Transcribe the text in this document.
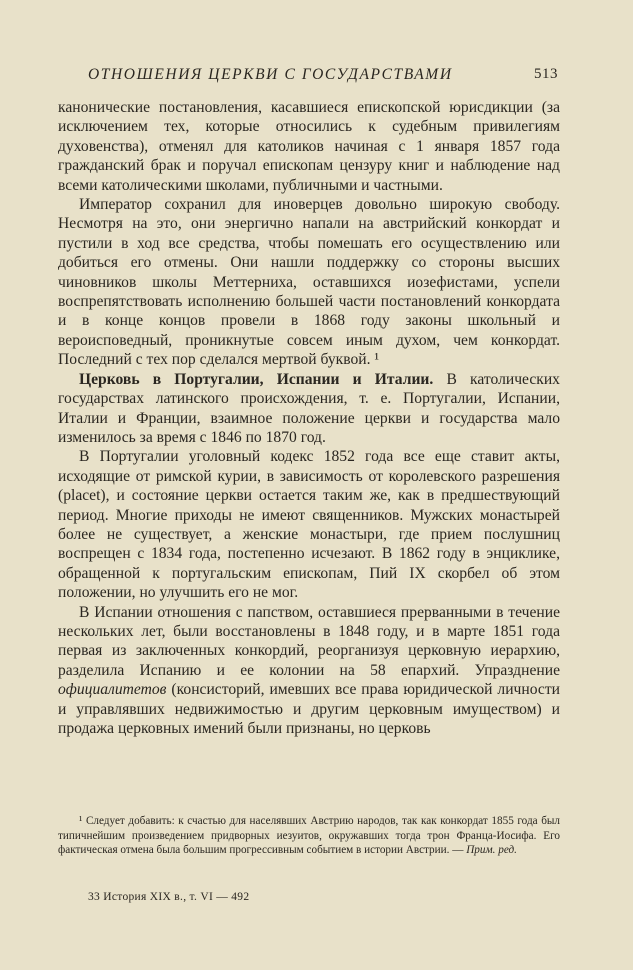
ОТНОШЕНИЯ ЦЕРКВИ С ГОСУДАРСТВАМИ	513

канонические постановления, касавшиеся епископской юрисдикции (за исключением тех, которые относились к судебным привилегиям духовенства), отменял для католиков начиная с 1 января 1857 года гражданский брак и поручал епископам цензуру книг и наблюдение над всеми католическими школами, публичными и частными.

Император сохранил для иноверцев довольно широкую свободу. Несмотря на это, они энергично напали на австрийский конкордат и пустили в ход все средства, чтобы помешать его осуществлению или добиться его отмены. Они нашли поддержку со стороны высших чиновников школы Меттерниха, оставшихся иозефистами, успели воспрепятствовать исполнению большей части постановлений конкордата и в конце концов провели в 1868 году законы школьный и вероисповедный, проникнутые совсем иным духом, чем конкордат. Последний с тех пор сделался мертвой буквой. ¹

Церковь в Португалии, Испании и Италии. В католических государствах латинского происхождения, т. е. Португалии, Испании, Италии и Франции, взаимное положение церкви и государства мало изменилось за время с 1846 по 1870 год.

В Португалии уголовный кодекс 1852 года все еще ставит акты, исходящие от римской курии, в зависимость от королевского разрешения (placet), и состояние церкви остается таким же, как в предшествующий период. Многие приходы не имеют священников. Мужских монастырей более не существует, а женские монастыри, где прием послушниц воспрещен с 1834 года, постепенно исчезают. В 1862 году в энциклике, обращенной к португальским епископам, Пий IX скорбел об этом положении, но улучшить его не мог.

В Испании отношения с папством, оставшиеся прерванными в течение нескольких лет, были восстановлены в 1848 году, и в марте 1851 года первая из заключенных конкордий, реорганизуя церковную иерархию, разделила Испанию и ее колонии на 58 епархий. Упразднение официалитетов (консисторий, имевших все права юридической личности и управлявших недвижимостью и другим церковным имуществом) и продажа церковных имений были признаны, но церковь

¹ Следует добавить: к счастью для населявших Австрию народов, так как конкордат 1855 года был типичнейшим произведением придворных иезуитов, окружавших тогда трон Франца-Иосифа. Его фактическая отмена была большим прогрессивным событием в истории Австрии. — Прим. ред.

33 История XIX в., т. VI — 492
